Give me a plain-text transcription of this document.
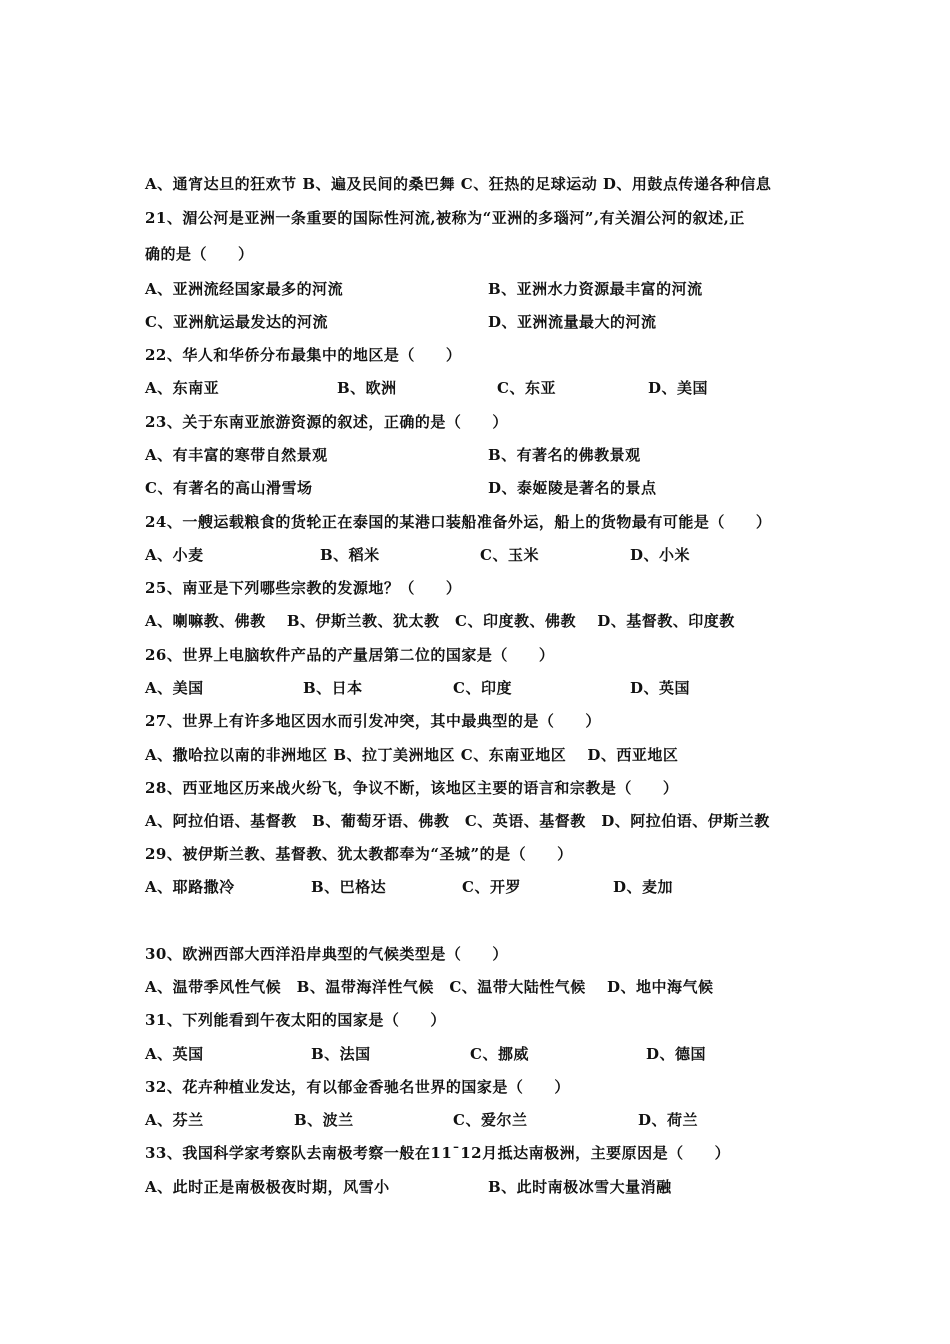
A、通宵达旦的狂欢节 B、遍及民间的桑巴舞 C、狂热的足球运动 D、用鼓点传递各种信息
21、湄公河是亚洲一条重要的国际性河流,被称为“亚洲的多瑙河”,有关湄公河的叙述,正
确的是（　　）
A、亚洲流经国家最多的河流	B、亚洲水力资源最丰富的河流
C、亚洲航运最发达的河流	D、亚洲流量最大的河流
22、华人和华侨分布最集中的地区是（　　）
A、东南亚	B、欧洲	C、东亚	D、美国
23、关于东南亚旅游资源的叙述，正确的是（　　）
A、有丰富的寒带自然景观	B、有著名的佛教景观
C、有著名的高山滑雪场	D、泰姬陵是著名的景点
24、一艘运载粮食的货轮正在泰国的某港口装船准备外运，船上的货物最有可能是（　　）
A、小麦	B、稻米	C、玉米	D、小米
25、南亚是下列哪些宗教的发源地？（　　）
A、喇嘛教、佛教　 B、伊斯兰教、犹太教　C、印度教、佛教　 D、基督教、印度教
26、世界上电脑软件产品的产量居第二位的国家是（　　）
A、美国	B、日本	C、印度	D、英国
27、世界上有许多地区因水而引发冲突，其中最典型的是（　　）
A、撒哈拉以南的非洲地区 B、拉丁美洲地区 C、东南亚地区　 D、西亚地区
28、西亚地区历来战火纷飞，争议不断，该地区主要的语言和宗教是（　　）
A、阿拉伯语、基督教　B、葡萄牙语、佛教　C、英语、基督教　D、阿拉伯语、伊斯兰教
29、被伊斯兰教、基督教、犹太教都奉为“圣城”的是（　　）
A、耶路撒冷	B、巴格达	C、开罗	D、麦加
30、欧洲西部大西洋沿岸典型的气候类型是（　　）
A、温带季风性气候　B、温带海洋性气候　C、温带大陆性气候　 D、地中海气候
31、下列能看到午夜太阳的国家是（　　）
A、英国	B、法国	C、挪威	D、德国
32、花卉种植业发达，有以郁金香驰名世界的国家是（　　）
A、芬兰	B、波兰	C、爱尔兰	D、荷兰
33、我国科学家考察队去南极考察一般在11¯12月抵达南极洲，主要原因是（　　）
A、此时正是南极极夜时期，风雪小	B、此时南极冰雪大量消融
